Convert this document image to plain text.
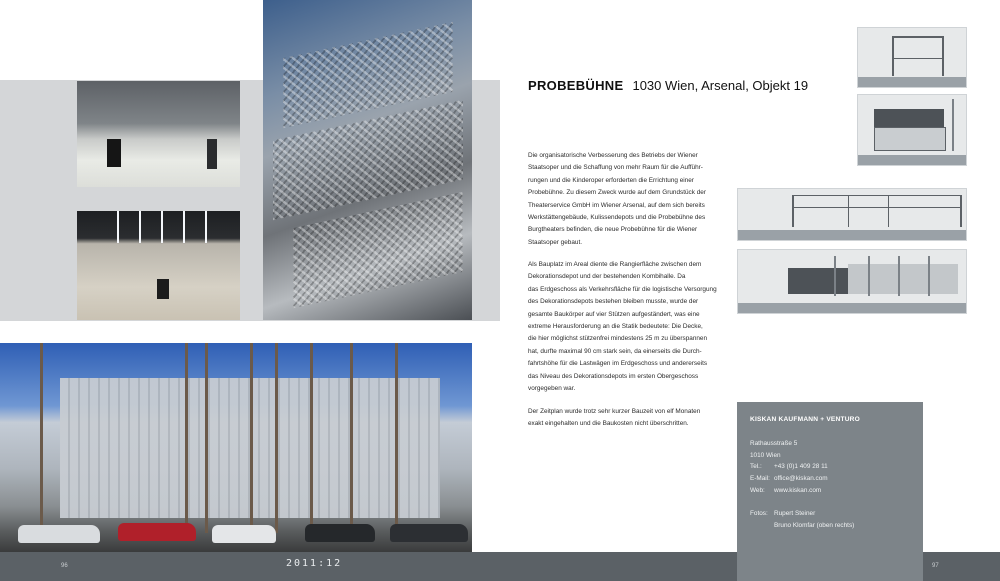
PROBEBÜHNE 1030 Wien, Arsenal, Objekt 19
Die organisatorische Verbesserung des Betriebs der Wiener
Staatsoper und die Schaffung von mehr Raum für die Aufführ-
rungen und die Kinderoper erforderten die Errichtung einer
Probebühne. Zu diesem Zweck wurde auf dem Grundstück der
Theaterservice GmbH im Wiener Arsenal, auf dem sich bereits
Werkstättengebäude, Kulissendepots und die Probebühne des
Burgtheaters befinden, die neue Probebühne für die Wiener
Staatsoper gebaut.
Als Bauplatz im Areal diente die Rangierfläche zwischen dem
Dekorationsdepot und der bestehenden Kombihalle. Da
das Erdgeschoss als Verkehrsfläche für die logistische Versorgung
des Dekorationsdepots bestehen bleiben musste, wurde der
gesamte Baukörper auf vier Stützen aufgeständert, was eine
extreme Herausforderung an die Statik bedeutete: Die Decke,
die hier möglichst stützenfrei mindestens 25 m zu überspannen
hat, durfte maximal 90 cm stark sein, da einerseits die Durch-
fahrtshöhe für die Lastwägen im Erdgeschoss und andererseits
das Niveau des Dekorationsdepots im ersten Obergeschoss
vorgegeben war.
Der Zeitplan wurde trotz sehr kurzer Bauzeit von elf Monaten
exakt eingehalten und die Baukosten nicht überschritten.
96	2011:12	97
KISKAN KAUFMANN + VENTURO
Rathausstraße 5
1010 Wien
Tel.: +43 (0)1 409 28 11
E-Mail: office@kiskan.com
Web: www.kiskan.com
Fotos: Rupert Steiner
Bruno Klomfar (oben rechts)
